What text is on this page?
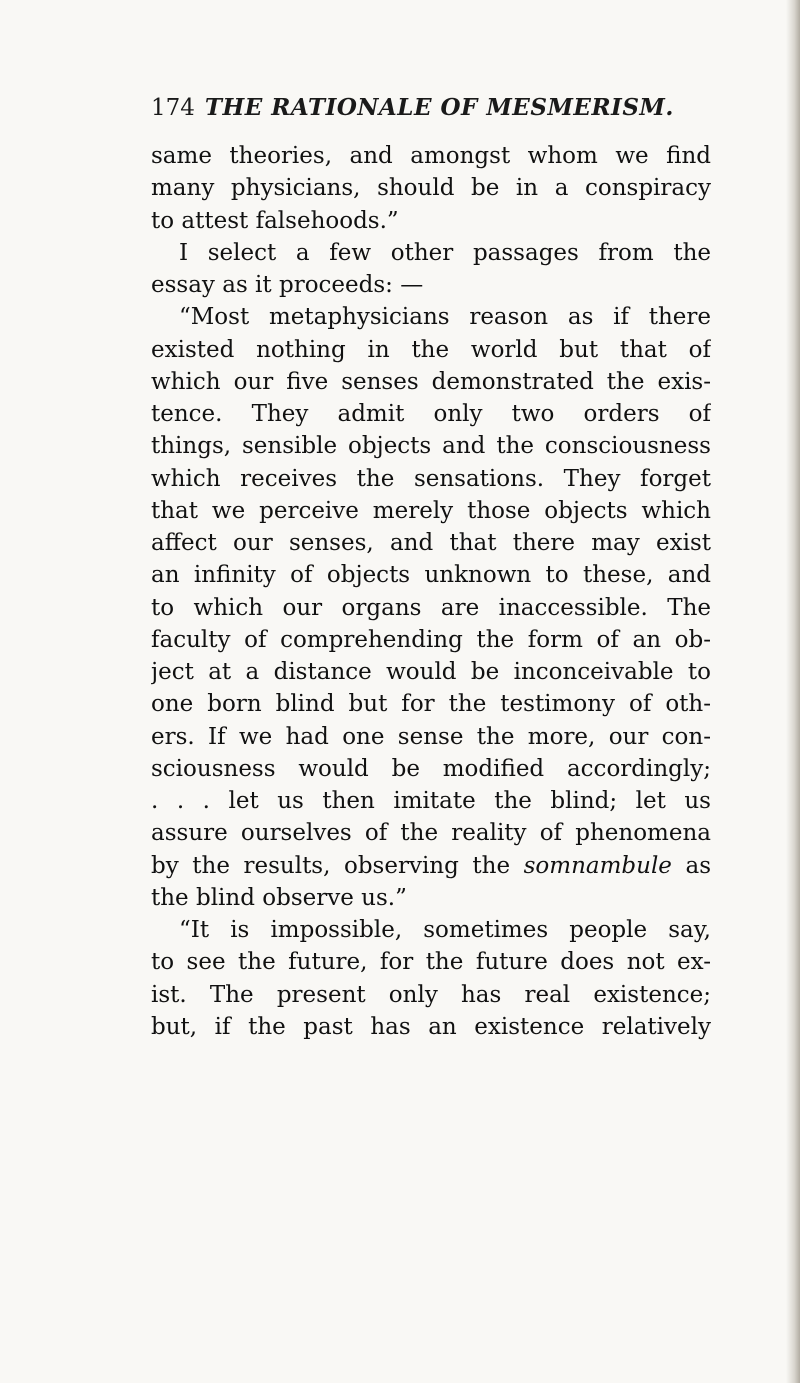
174 THE RATIONALE OF MESMERISM.
same theories, and amongst whom we find
many physicians, should be in a conspiracy
to attest falsehoods.”
I select a few other passages from the
essay as it proceeds: —
“Most metaphysicians reason as if there
existed nothing in the world but that of
which our five senses demonstrated the exis-
tence. They admit only two orders of
things, sensible objects and the consciousness
which receives the sensations. They forget
that we perceive merely those objects which
affect our senses, and that there may exist
an infinity of objects unknown to these, and
to which our organs are inaccessible. The
faculty of comprehending the form of an ob-
ject at a distance would be inconceivable to
one born blind but for the testimony of oth-
ers. If we had one sense the more, our con-
sciousness would be modified accordingly;
. . . let us then imitate the blind; let us
assure ourselves of the reality of phenomena
by the results, observing the somnambule as
the blind observe us.”
“It is impossible, sometimes people say,
to see the future, for the future does not ex-
ist. The present only has real existence;
but, if the past has an existence relatively
